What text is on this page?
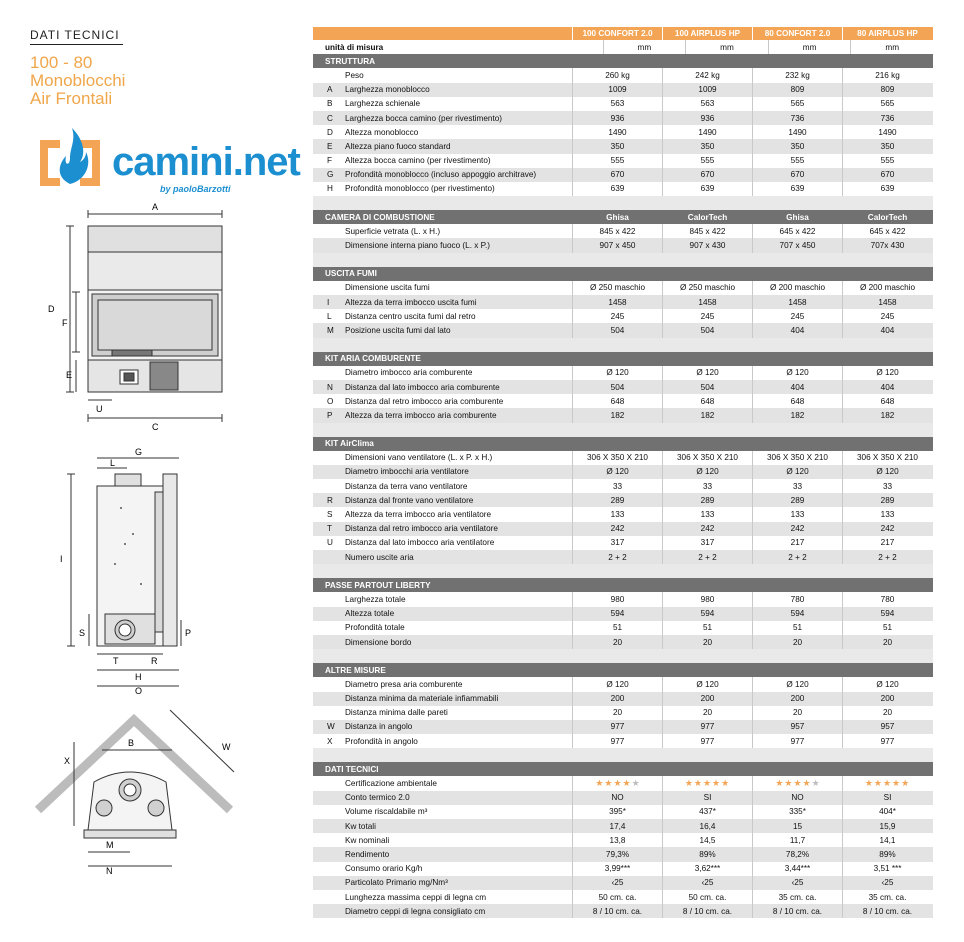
DATI TECNICI
100 - 80
Monoblocchi
Air Frontali
camini.net
by paoloBarzotti
A
D
F
E
U
C
G
L
I
S	P
T	R
H
O
B
X
W
M
N
100 CONFORT 2.0	100 AIRPLUS HP	80 CONFORT 2.0	80 AIRPLUS HP
unità di misura	mm	mm	mm	mm
STRUTTURA
Peso	260 kg	242 kg	232 kg	216 kg
A	Larghezza monoblocco	1009	1009	809	809
B	Larghezza schienale	563	563	565	565
C	Larghezza bocca camino (per rivestimento)	936	936	736	736
D	Altezza monoblocco	1490	1490	1490	1490
E	Altezza piano fuoco standard	350	350	350	350
F	Altezza bocca camino (per rivestimento)	555	555	555	555
G	Profondità monoblocco (incluso appoggio architrave)	670	670	670	670
H	Profondità monoblocco (per rivestimento)	639	639	639	639
CAMERA DI COMBUSTIONE	Ghisa	CalorTech	Ghisa	CalorTech
Superficie vetrata (L. x H.)	845 x 422	845 x 422	645 x 422	645 x 422
Dimensione interna piano fuoco (L. x P.)	907 x 450	907 x 430	707 x 450	707x 430
USCITA FUMI
Dimensione uscita fumi	Ø 250 maschio	Ø 250 maschio	Ø 200 maschio	Ø 200 maschio
I	Altezza da terra imbocco uscita fumi	1458	1458	1458	1458
L	Distanza centro uscita fumi dal retro	245	245	245	245
M	Posizione uscita fumi dal lato	504	504	404	404
KIT ARIA COMBURENTE
Diametro imbocco aria comburente	Ø 120	Ø 120	Ø 120	Ø 120
N	Distanza dal lato imbocco aria comburente	504	504	404	404
O	Distanza dal retro imbocco aria comburente	648	648	648	648
P	Altezza da terra imbocco aria comburente	182	182	182	182
KIT AirClima
Dimensioni vano ventilatore (L. x P. x H.)	306 X 350 X 210	306 X 350 X 210	306 X 350 X 210	306 X 350 X 210
Diametro imbocchi aria ventilatore	Ø 120	Ø 120	Ø 120	Ø 120
Distanza da terra vano ventilatore	33	33	33	33
R	Distanza dal fronte vano ventilatore	289	289	289	289
S	Altezza da terra imbocco aria ventilatore	133	133	133	133
T	Distanza dal retro imbocco aria ventilatore	242	242	242	242
U	Distanza dal lato imbocco aria ventilatore	317	317	217	217
Numero uscite aria	2 + 2	2 + 2	2 + 2	2 + 2
PASSE PARTOUT LIBERTY
Larghezza totale	980	980	780	780
Altezza totale	594	594	594	594
Profondità totale	51	51	51	51
Dimensione bordo	20	20	20	20
ALTRE MISURE
Diametro presa aria comburente	Ø 120	Ø 120	Ø 120	Ø 120
Distanza minima da materiale infiammabili	200	200	200	200
Distanza minima dalle pareti	20	20	20	20
W	Distanza in angolo	977	977	957	957
X	Profondità in angolo	977	977	977	977
DATI TECNICI
Certificazione ambientale	★★★★ ★	★★★★★	★★★★ ★	★★★★★
Conto termico 2.0	NO	SI	NO	SI
Volume riscaldabile m³	395*	437*	335*	404*
Kw totali	17,4	16,4	15	15,9
Kw nominali	13,8	14,5	11,7	14,1
Rendimento	79,3%	89%	78,2%	89%
Consumo orario Kg/h	3,99***	3,62***	3,44***	3,51 ***
Particolato Primario mg/Nm³	‹25	‹25	‹25	‹25
Lunghezza massima ceppi di legna cm	50 cm. ca.	50 cm. ca.	35 cm. ca.	35 cm. ca.
Diametro ceppi di legna consigliato cm	8 / 10 cm. ca.	8 / 10 cm. ca.	8 / 10 cm. ca.	8 / 10 cm. ca.
